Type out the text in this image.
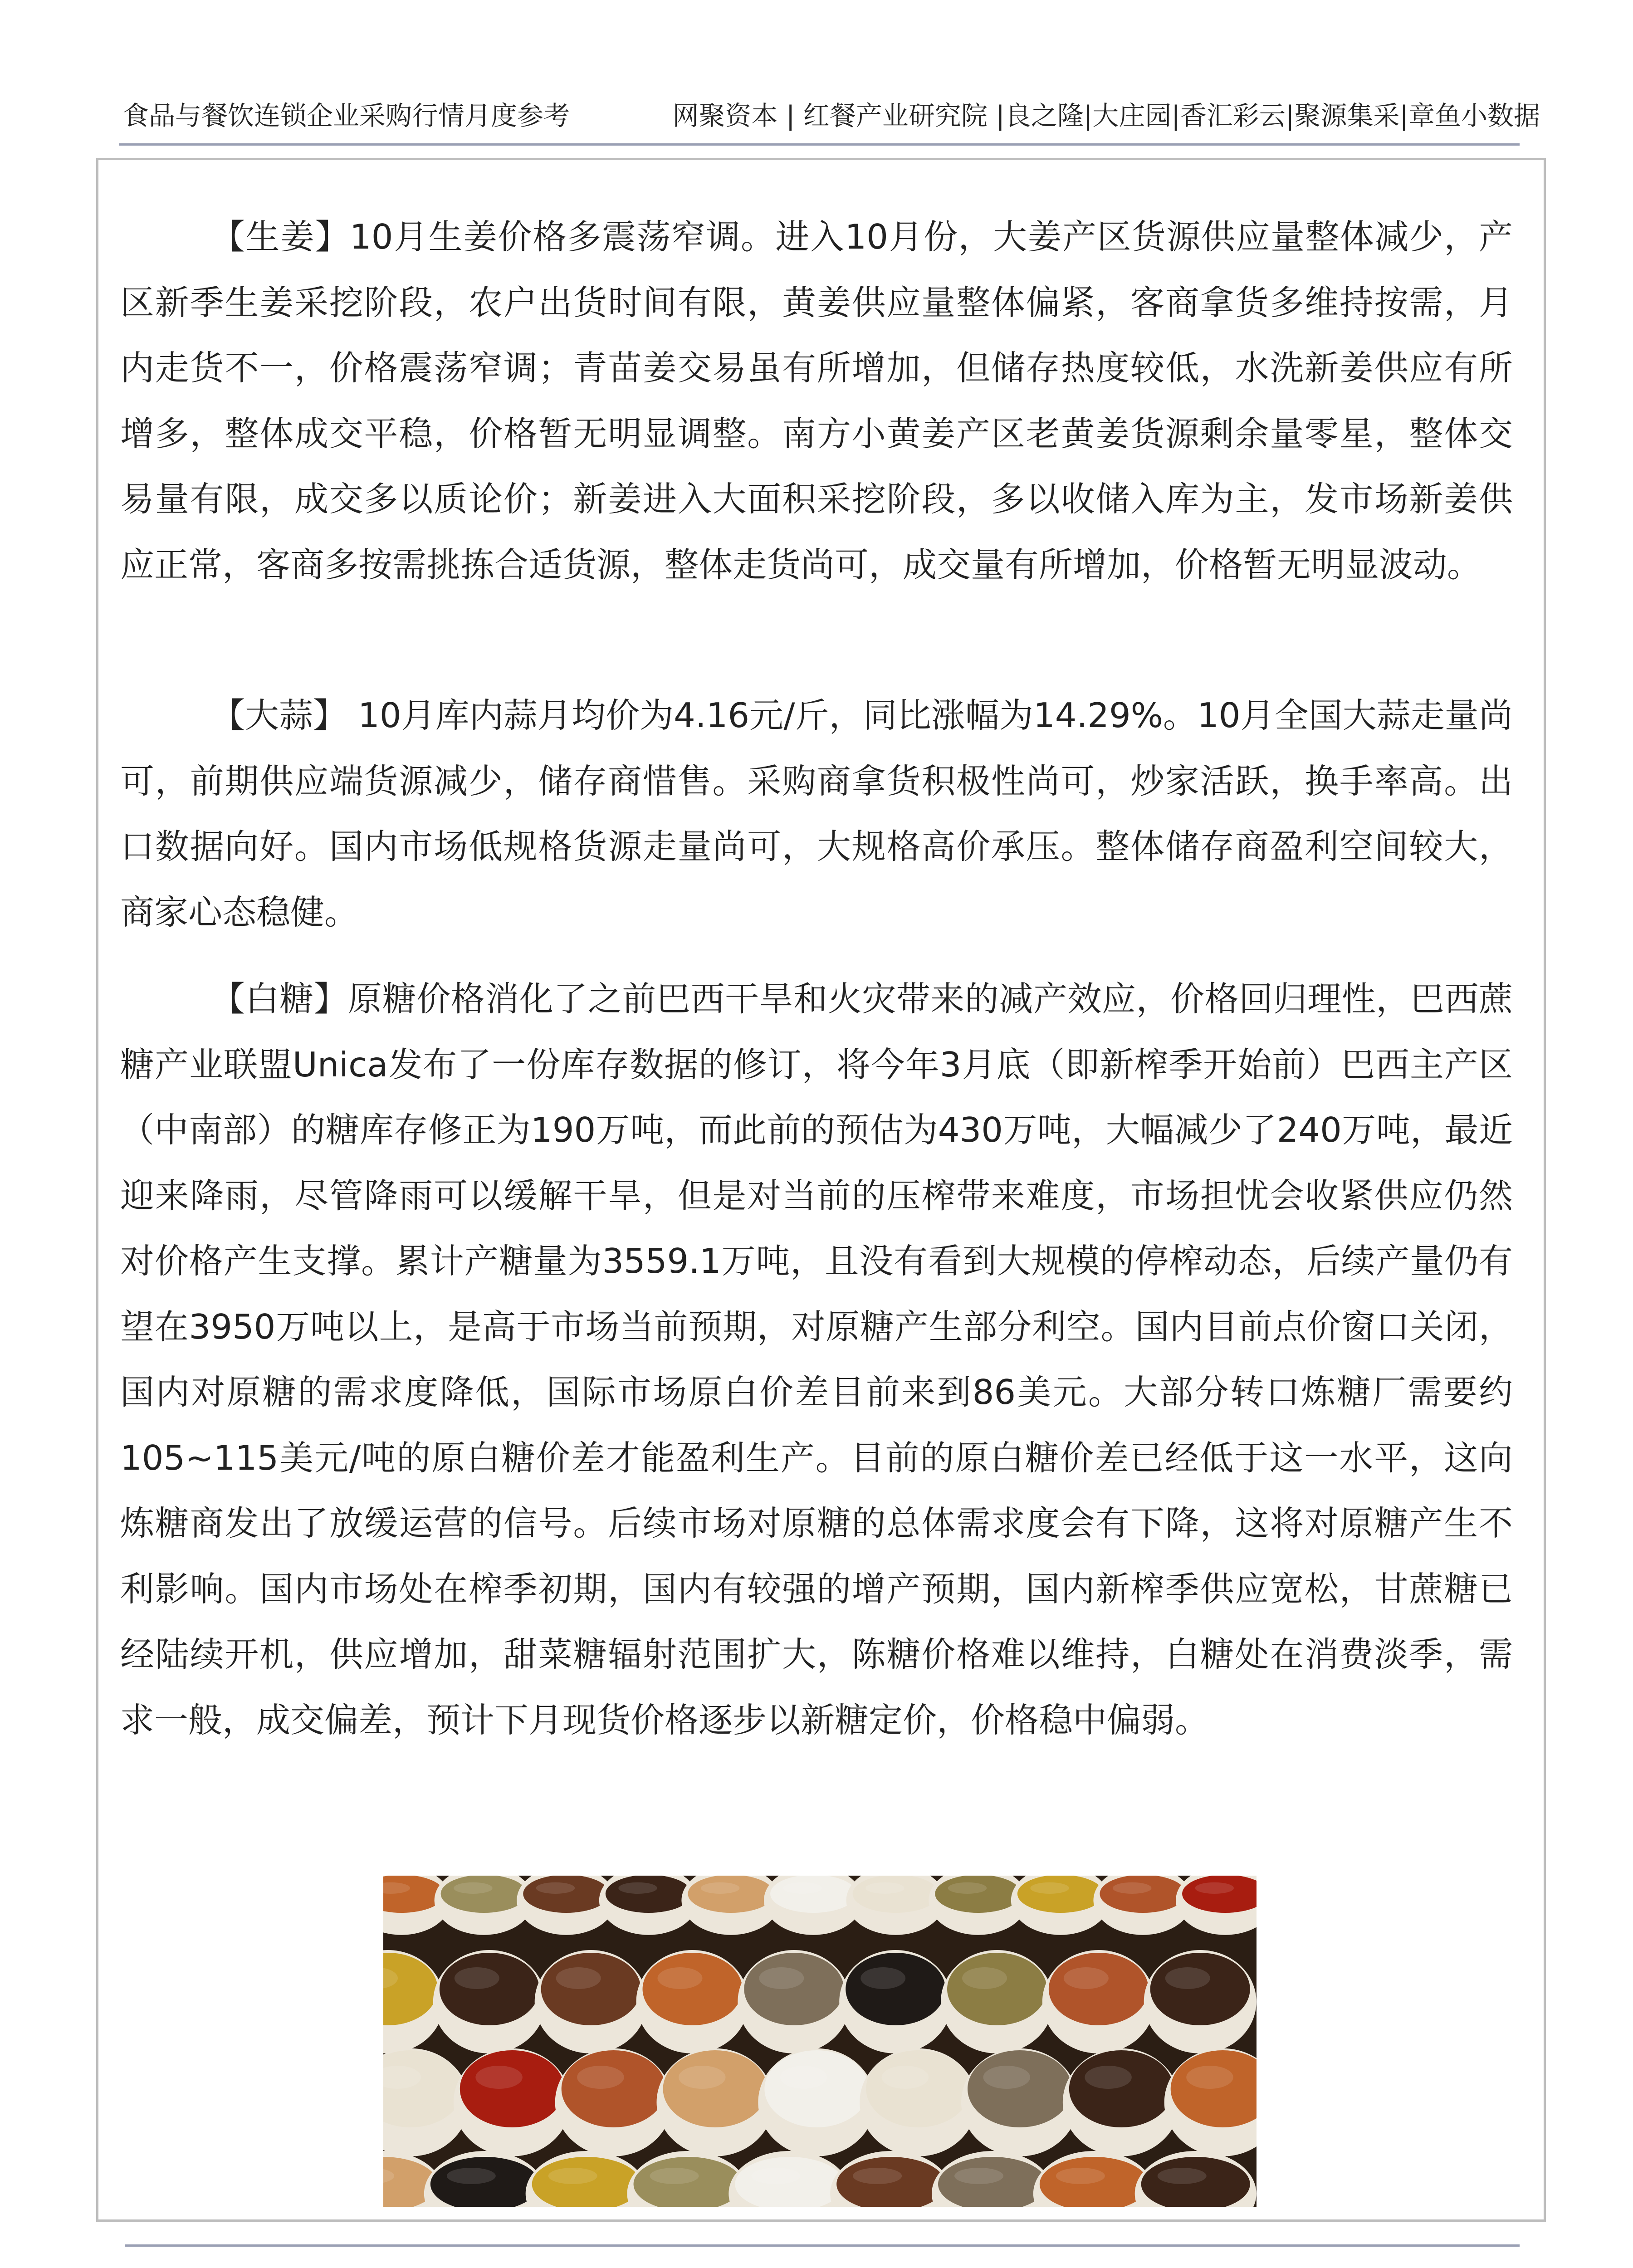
食品与餐饮连锁企业采购行情月度参考	网聚资本 | 红餐产业研究院 |良之隆|大庄园|香汇彩云|聚源集采|章鱼小数据

【生姜】10月生姜价格多震荡窄调。进入10月份，大姜产区货源供应量整体减少，产区新季生姜采挖阶段，农户出货时间有限，黄姜供应量整体偏紧，客商拿货多维持按需，月内走货不一，价格震荡窄调；青苗姜交易虽有所增加，但储存热度较低，水洗新姜供应有所增多，整体成交平稳，价格暂无明显调整。南方小黄姜产区老黄姜货源剩余量零星，整体交易量有限，成交多以质论价；新姜进入大面积采挖阶段，多以收储入库为主，发市场新姜供应正常，客商多按需挑拣合适货源，整体走货尚可，成交量有所增加，价格暂无明显波动。

【大蒜】 10月库内蒜月均价为4.16元/斤，同比涨幅为14.29%。10月全国大蒜走量尚可，前期供应端货源减少，储存商惜售。采购商拿货积极性尚可，炒家活跃，换手率高。出口数据向好。国内市场低规格货源走量尚可，大规格高价承压。整体储存商盈利空间较大，商家心态稳健。

【白糖】原糖价格消化了之前巴西干旱和火灾带来的减产效应，价格回归理性，巴西蔗糖产业联盟Unica发布了一份库存数据的修订，将今年3月底（即新榨季开始前）巴西主产区（中南部）的糖库存修正为190万吨，而此前的预估为430万吨，大幅减少了240万吨，最近迎来降雨，尽管降雨可以缓解干旱，但是对当前的压榨带来难度，市场担忧会收紧供应仍然对价格产生支撑。累计产糖量为3559.1万吨，且没有看到大规模的停榨动态，后续产量仍有望在3950万吨以上，是高于市场当前预期，对原糖产生部分利空。国内目前点价窗口关闭，国内对原糖的需求度降低，国际市场原白价差目前来到86美元。大部分转口炼糖厂需要约105~115美元/吨的原白糖价差才能盈利生产。目前的原白糖价差已经低于这一水平，这向炼糖商发出了放缓运营的信号。后续市场对原糖的总体需求度会有下降，这将对原糖产生不利影响。国内市场处在榨季初期，国内有较强的增产预期，国内新榨季供应宽松，甘蔗糖已经陆续开机，供应增加，甜菜糖辐射范围扩大，陈糖价格难以维持，白糖处在消费淡季，需求一般，成交偏差，预计下月现货价格逐步以新糖定价，价格稳中偏弱。
